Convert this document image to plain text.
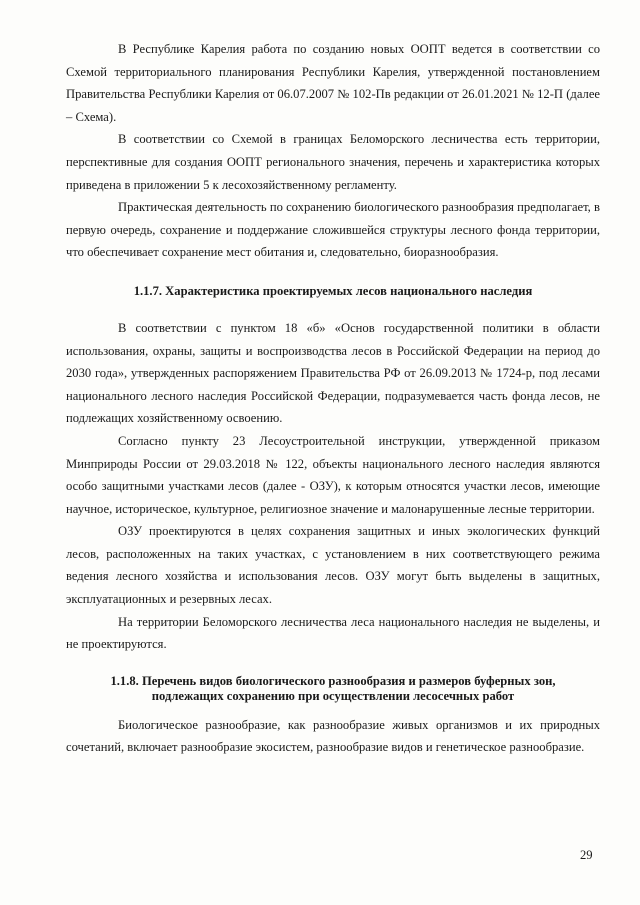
В Республике Карелия работа по созданию новых ООПТ ведется в соответствии со Схемой территориального планирования Республики Карелия, утвержденной постановлением Правительства Республики Карелия от 06.07.2007 № 102-Пв редакции от 26.01.2021 № 12-П (далее – Схема).

В соответствии со Схемой в границах Беломорского лесничества есть территории, перспективные для создания ООПТ регионального значения, перечень и характеристика которых приведена в приложении 5 к лесохозяйственному регламенту.

Практическая деятельность по сохранению биологического разнообразия предполагает, в первую очередь, сохранение и поддержание сложившейся структуры лесного фонда территории, что обеспечивает сохранение мест обитания и, следовательно, биоразнообразия.

1.1.7. Характеристика проектируемых лесов национального наследия

В соответствии с пунктом 18 «б» «Основ государственной политики в области использования, охраны, защиты и воспроизводства лесов в Российской Федерации на период до 2030 года», утвержденных распоряжением Правительства РФ от 26.09.2013 № 1724-р, под лесами национального лесного наследия Российской Федерации, подразумевается часть фонда лесов, не подлежащих хозяйственному освоению.

Согласно пункту 23 Лесоустроительной инструкции, утвержденной приказом Минприроды России от 29.03.2018 № 122, объекты национального лесного наследия являются особо защитными участками лесов (далее - ОЗУ), к которым относятся участки лесов, имеющие научное, историческое, культурное, религиозное значение и малонарушенные лесные территории.

ОЗУ проектируются в целях сохранения защитных и иных экологических функций лесов, расположенных на таких участках, с установлением в них соответствующего режима ведения лесного хозяйства и использования лесов. ОЗУ могут быть выделены в защитных, эксплуатационных и резервных лесах.

На территории Беломорского лесничества леса национального наследия не выделены, и не проектируются.

1.1.8. Перечень видов биологического разнообразия и размеров буферных зон,
подлежащих сохранению при осуществлении лесосечных работ

Биологическое разнообразие, как разнообразие живых организмов и их природных сочетаний, включает разнообразие экосистем, разнообразие видов и генетическое разнообразие.

29
